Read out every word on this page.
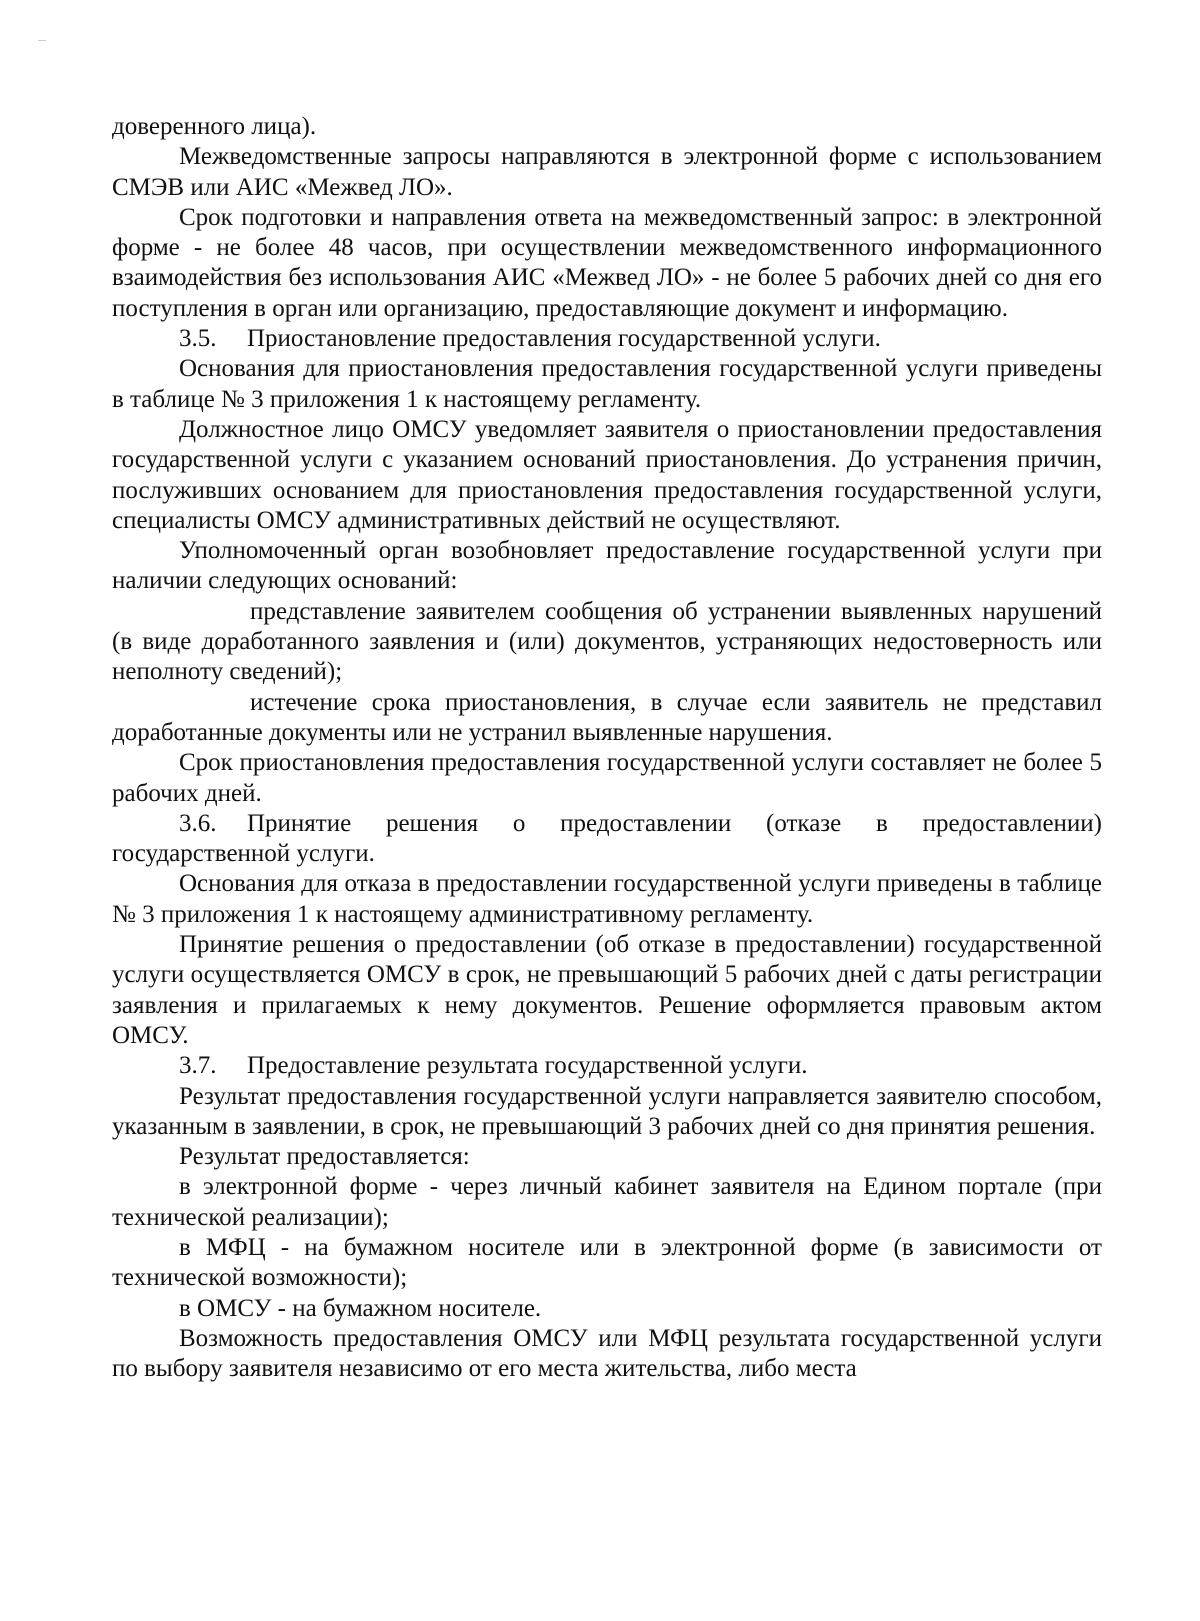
доверенного лица).

Межведомственные запросы направляются в электронной форме с использованием СМЭВ или АИС «Межвед ЛО».

Срок подготовки и направления ответа на межведомственный запрос: в электронной форме - не более 48 часов, при осуществлении межведомственного информационного взаимодействия без использования АИС «Межвед ЛО» - не более 5 рабочих дней со дня его поступления в орган или организацию, предоставляющие документ и информацию.

3.5. Приостановление предоставления государственной услуги.

Основания для приостановления предоставления государственной услуги приведены в таблице № 3 приложения 1 к настоящему регламенту.

Должностное лицо ОМСУ уведомляет заявителя о приостановлении предоставления государственной услуги с указанием оснований приостановления. До устранения причин, послуживших основанием для приостановления предоставления государственной услуги, специалисты ОМСУ административных действий не осуществляют.

Уполномоченный орган возобновляет предоставление государственной услуги при наличии следующих оснований:

представление заявителем сообщения об устранении выявленных нарушений (в виде доработанного заявления и (или) документов, устраняющих недостоверность или неполноту сведений);

истечение срока приостановления, в случае если заявитель не представил доработанные документы или не устранил выявленные нарушения.

Срок приостановления предоставления государственной услуги составляет не более 5 рабочих дней.

3.6. Принятие решения о предоставлении (отказе в предоставлении) государственной услуги.

Основания для отказа в предоставлении государственной услуги приведены в таблице № 3 приложения 1 к настоящему административному регламенту.

Принятие решения о предоставлении (об отказе в предоставлении) государственной услуги осуществляется ОМСУ в срок, не превышающий 5 рабочих дней с даты регистрации заявления и прилагаемых к нему документов. Решение оформляется правовым актом ОМСУ.

3.7. Предоставление результата государственной услуги.

Результат предоставления государственной услуги направляется заявителю способом, указанным в заявлении, в срок, не превышающий 3 рабочих дней со дня принятия решения.

Результат предоставляется:

в электронной форме - через личный кабинет заявителя на Едином портале (при технической реализации);

в МФЦ - на бумажном носителе или в электронной форме (в зависимости от технической возможности);

в ОМСУ - на бумажном носителе.

Возможность предоставления ОМСУ или МФЦ результата государственной услуги по выбору заявителя независимо от его места жительства, либо места
